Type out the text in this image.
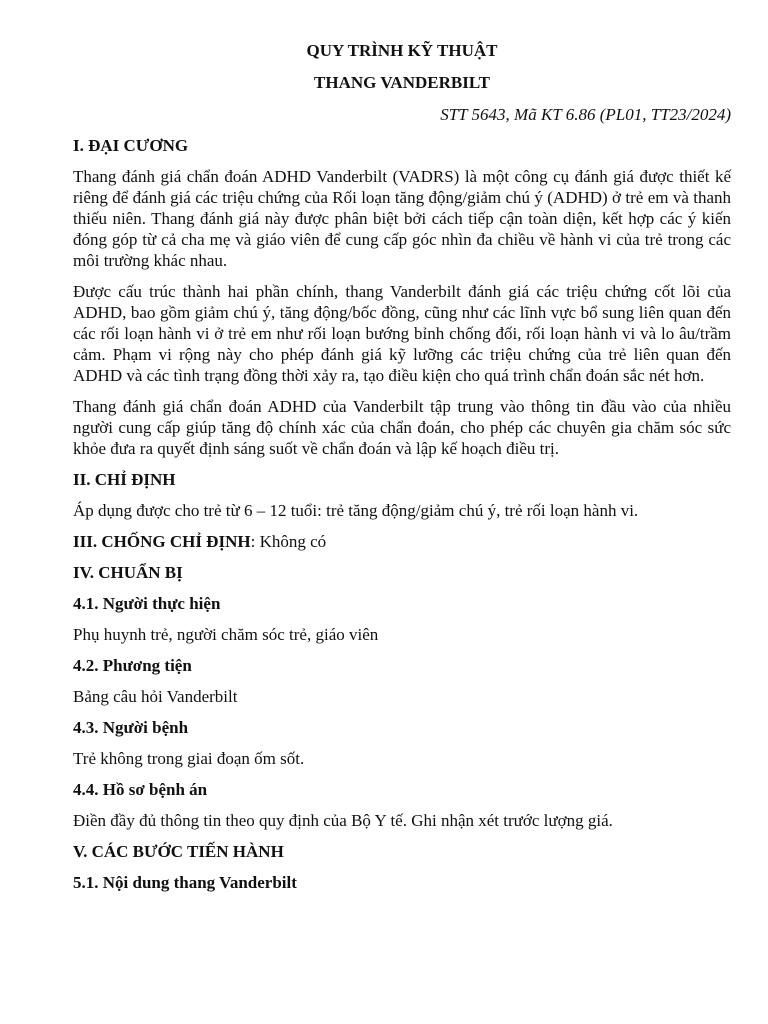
QUY TRÌNH KỸ THUẬT
THANG VANDERBILT
STT 5643, Mã KT 6.86 (PL01, TT23/2024)
I. ĐẠI CƯƠNG

Thang đánh giá chẩn đoán ADHD Vanderbilt (VADRS) là một công cụ đánh giá được thiết kế riêng để đánh giá các triệu chứng của Rối loạn tăng động/giảm chú ý (ADHD) ở trẻ em và thanh thiếu niên. Thang đánh giá này được phân biệt bởi cách tiếp cận toàn diện, kết hợp các ý kiến đóng góp từ cả cha mẹ và giáo viên để cung cấp góc nhìn đa chiều về hành vi của trẻ trong các môi trường khác nhau.

Được cấu trúc thành hai phần chính, thang Vanderbilt đánh giá các triệu chứng cốt lõi của ADHD, bao gồm giảm chú ý, tăng động/bốc đồng, cũng như các lĩnh vực bổ sung liên quan đến các rối loạn hành vi ở trẻ em như rối loạn bướng bỉnh chống đối, rối loạn hành vi và lo âu/trầm cảm. Phạm vi rộng này cho phép đánh giá kỹ lưỡng các triệu chứng của trẻ liên quan đến ADHD và các tình trạng đồng thời xảy ra, tạo điều kiện cho quá trình chẩn đoán sắc nét hơn.

Thang đánh giá chẩn đoán ADHD của Vanderbilt tập trung vào thông tin đầu vào của nhiều người cung cấp giúp tăng độ chính xác của chẩn đoán, cho phép các chuyên gia chăm sóc sức khỏe đưa ra quyết định sáng suốt về chẩn đoán và lập kế hoạch điều trị.

II. CHỈ ĐỊNH

Áp dụng được cho trẻ từ 6 – 12 tuổi: trẻ tăng động/giảm chú ý, trẻ rối loạn hành vi.

III. CHỐNG CHỈ ĐỊNH: Không có
IV. CHUẨN BỊ
4.1. Người thực hiện

Phụ huynh trẻ, người chăm sóc trẻ, giáo viên

4.2. Phương tiện

Bảng câu hỏi Vanderbilt

4.3. Người bệnh

Trẻ không trong giai đoạn ốm sốt.

4.4. Hồ sơ bệnh án

Điền đầy đủ thông tin theo quy định của Bộ Y tế. Ghi nhận xét trước lượng giá.

V. CÁC BƯỚC TIẾN HÀNH
5.1. Nội dung thang Vanderbilt
